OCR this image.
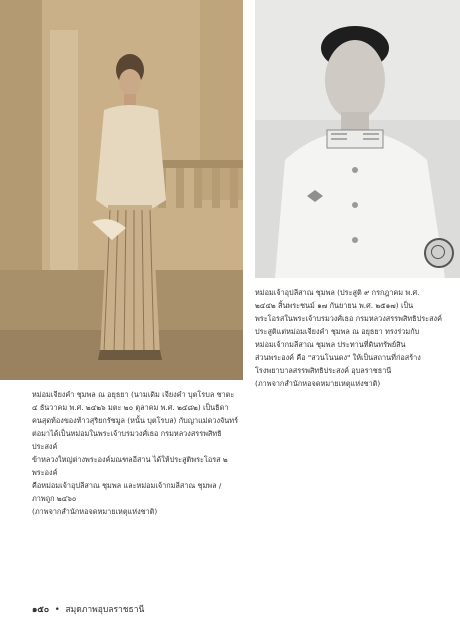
หม่อมเจ้าอุปลีสาณ ชุมพล (ประสูติ ๙ กรกฎาคม พ.ศ.

๒๔๔๒ สิ้นพระชนม์ ๑๗ กันยายน พ.ศ. ๒๕๑๗) เป็น

พระโอรสในพระเจ้าบรมวงศ์เธอ กรมหลวงสรรพสิทธิประสงค์

ประสูติแต่หม่อมเจียงคำ ชุมพล ณ อยุธยา ทรงร่วมกับ

หม่อมเจ้ากมลีสาณ ชุมพล ประทานที่ดินทรัพย์สิน

ส่วนพระองค์ คือ "สวนโนนดง" ให้เป็นสถานที่ก่อสร้าง

โรงพยาบาลสรรพสิทธิประสงค์ อุบลราชธานี

(ภาพจากสำนักหอจดหมายเหตุแห่งชาติ)

หม่อมเจียงคำ ชุมพล ณ อยุธยา (นามเดิม เจียงคำ บุตโรบล ชาตะ

๔ ธันวาคม พ.ศ. ๒๔๒๖ มตะ ๒๐ ตุลาคม พ.ศ. ๒๔๘๒) เป็นธิดา

คนสุดท้องของท้าวสุริยกรัชมูล (หนั้น บุตโรบล) กับญาแม่ดวงจันทร์

ต่อมาได้เป็นหม่อมในพระเจ้าบรมวงศ์เธอ กรมหลวงสรรพสิทธิประสงค์

ข้าหลวงใหญ่ต่างพระองค์มณฑลอีสาน ได้ให้ประสูติพระโอรส ๒ พระองค์

คือหม่อมเจ้าอุปลีสาณ ชุมพล และหม่อมเจ้ากมลีสาณ ชุมพล /

ภาพถูก ๒๔๖๐

(ภาพจากสำนักหอจดหมายเหตุแห่งชาติ)

๑๕๐ • สมุดภาพอุบลราชธานี
